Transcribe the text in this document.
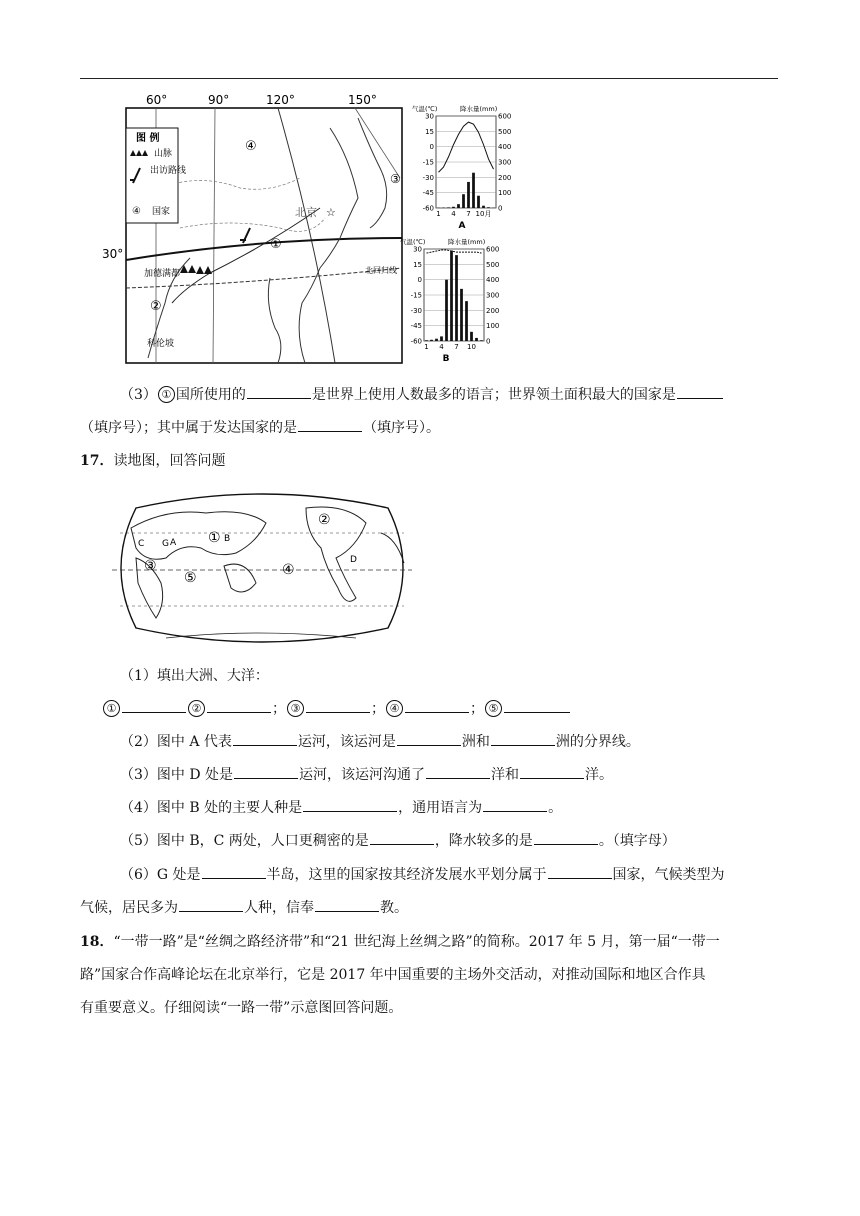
60°	90°	120°	150°
30°
图 例
山脉
出访路线
④ 国家
④
①
②
③
北京 ☆
加德满都
科伦坡
北回归线
气温(℃)	降水量(mm)
30	600
15	500
0	400
-15	300
-30	200
-45	100
-60	0
1 4 7 10月
A
气温(℃)	降水量(mm)
30	600
15	500
0	400
-15	300
-30	200
-45	100
-60	0
1 4 7 10
B
（3） ① 国所使用的	是世界上使用人数最多的语言；世界领土面积最大的国家是
（填序号）；其中属于发达国家的是	（填序号）。
17．读地图，回答问题
①
②
③	④
⑤
A	B
C
D
G
（1）填出大洲、大洋：
①	②	； ③	； ④	； ⑤
（2）图中 A 代表	运河，该运河是	洲和	洲的分界线。
（3）图中 D 处是	运河，该运河沟通了	洋和	洋。
（4）图中 B 处的主要人种是	，通用语言为	。
（5）图中 B，C 两处，人口更稠密的是	，降水较多的是	。（填字母）
（6）G 处是	半岛，这里的国家按其经济发展水平划分属于	国家，气候类型为
气候，居民多为	人种，信奉	教。
18．“一带一路”是“丝绸之路经济带”和“21 世纪海上丝绸之路”的简称。2017 年 5 月，第一届“一带一
路”国家合作高峰论坛在北京举行，它是 2017 年中国重要的主场外交活动，对推动国际和地区合作具
有重要意义。仔细阅读“一路一带”示意图回答问题。
